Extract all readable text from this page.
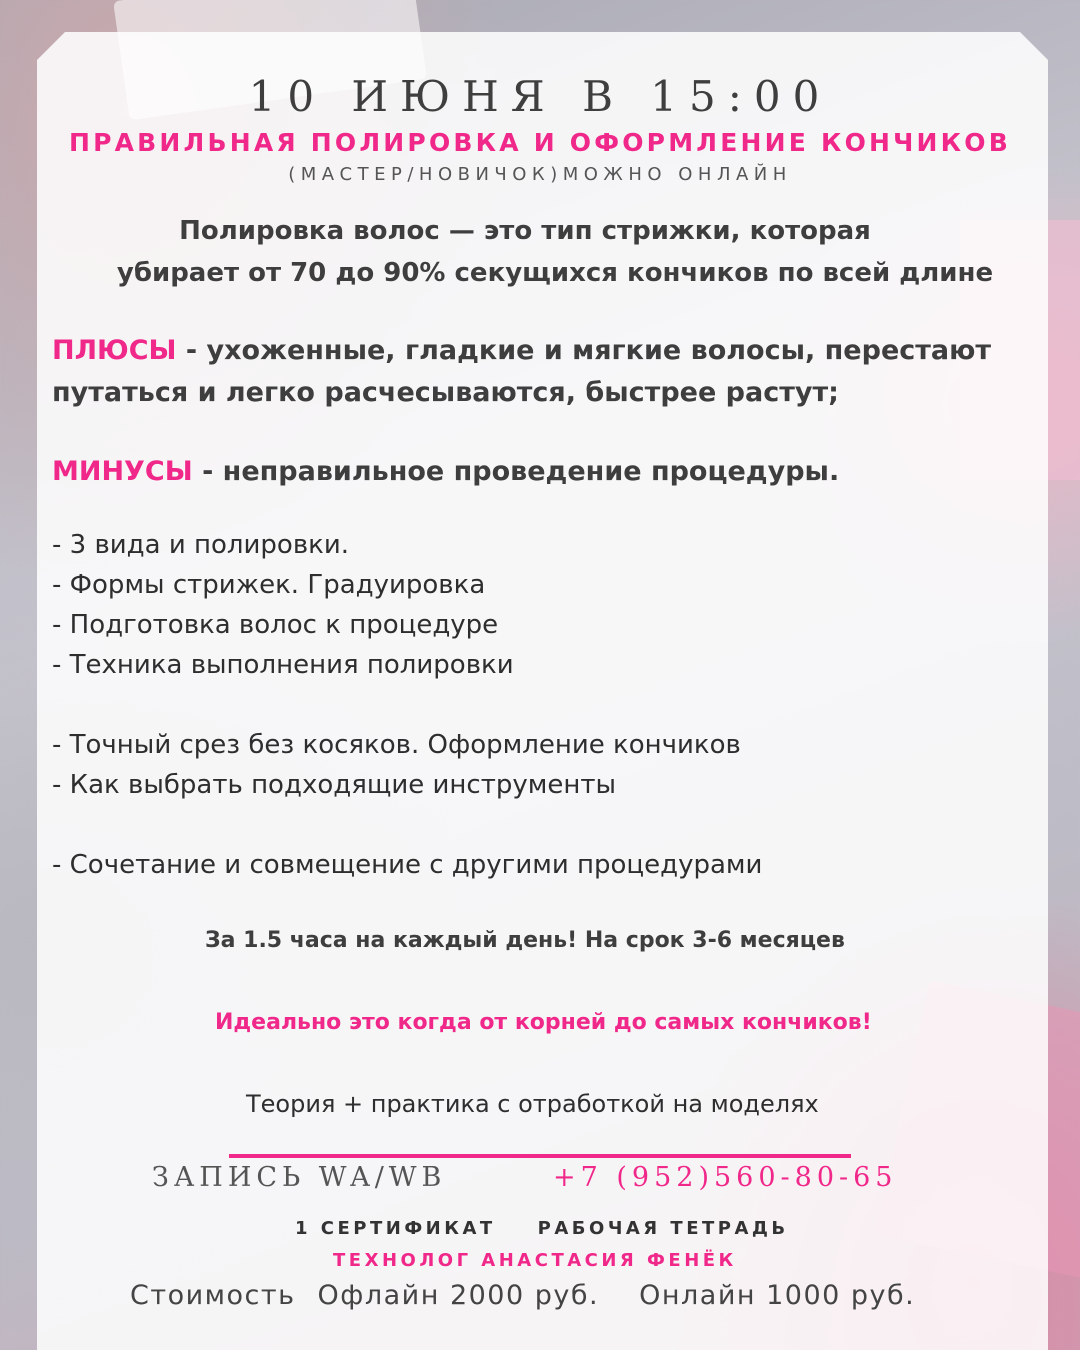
10 ИЮНЯ В 15:00
ПРАВИЛЬНАЯ ПОЛИРОВКА И ОФОРМЛЕНИЕ КОНЧИКОВ
(МАСТЕР/НОВИЧОК)МОЖНО ОНЛАЙН
Полировка волос — это тип стрижки, которая
убирает от 70 до 90% секущихся кончиков по всей длине
ПЛЮСЫ - ухоженные, гладкие и мягкие волосы, перестают
путаться и легко расчесываются, быстрее растут;
МИНУСЫ - неправильное проведение процедуры.
- 3 вида и полировки.
- Формы стрижек. Градуировка
- Подготовка волос к процедуре
- Техника выполнения полировки
- Точный срез без косяков. Оформление кончиков
- Как выбрать подходящие инструменты
- Сочетание и совмещение с другими процедурами
За 1.5 часа на каждый день! На срок 3-6 месяцев
Идеально это когда от корней до самых кончиков!
Теория + практика с отработкой на моделях
ЗАПИСЬ WA/WB	+7 (952)560-80-65
1 СЕРТИФИКАТ РАБОЧАЯ ТЕТРАДЬ
ТЕХНОЛОГ АНАСТАСИЯ ФЕНЁК
Стоимость Офлайн 2000 руб. Онлайн 1000 руб.
